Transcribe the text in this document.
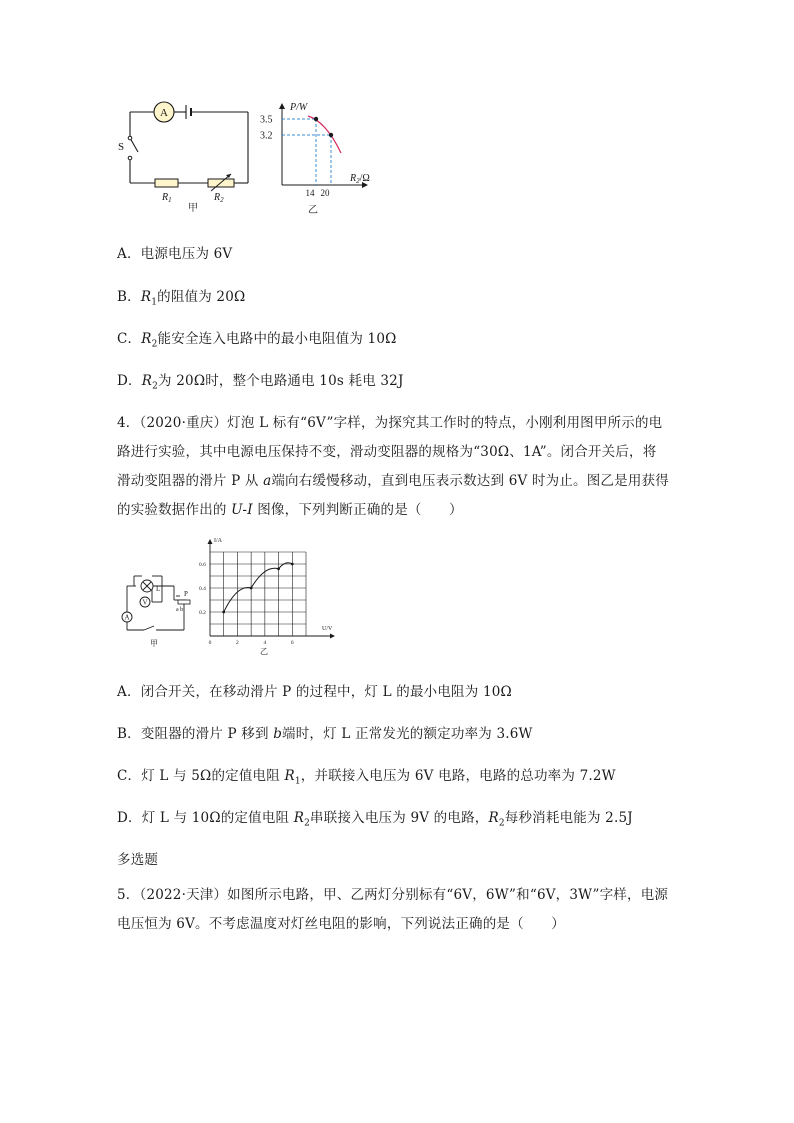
A
S
$R_1$	$R_2$
甲
P/W
$R_2/\Omega$
3.5
3.2
14 20
乙
A．电源电压为 6V
B．$R_1$的阻值为 20Ω
C．$R_2$能安全连入电路中的最小电阻值为 10Ω
D．$R_2$为 20Ω时，整个电路通电 10s 耗电 32J
4．（2020·重庆）灯泡 L 标有“6V”字样，为探究其工作时的特点，小刚利用图甲所示的电
路进行实验，其中电源电压保持不变，滑动变阻器的规格为“30Ω、1A”。闭合开关后，将
滑动变阻器的滑片 P 从 a端向右缓慢移动，直到电压表示数达到 6V 时为止。图乙是用获得
的实验数据作出的 U-I 图像，下列判断正确的是（　　）
L
V
A
P
a b
甲
I/A
U/V
0.6
0.4
0.2
0	2	4	6
乙
A．闭合开关，在移动滑片 P 的过程中，灯 L 的最小电阻为 10Ω
B．变阻器的滑片 P 移到 b端时，灯 L 正常发光的额定功率为 3.6W
C．灯 L 与 5Ω的定值电阻 $R_1$，并联接入电压为 6V 电路，电路的总功率为 7.2W
D．灯 L 与 10Ω的定值电阻 $R_2$串联接入电压为 9V 的电路，$R_2$每秒消耗电能为 2.5J
多选题
5．（2022·天津）如图所示电路，甲、乙两灯分别标有“6V，6W”和“6V，3W”字样，电源
电压恒为 6V。不考虑温度对灯丝电阻的影响，下列说法正确的是（　　）
